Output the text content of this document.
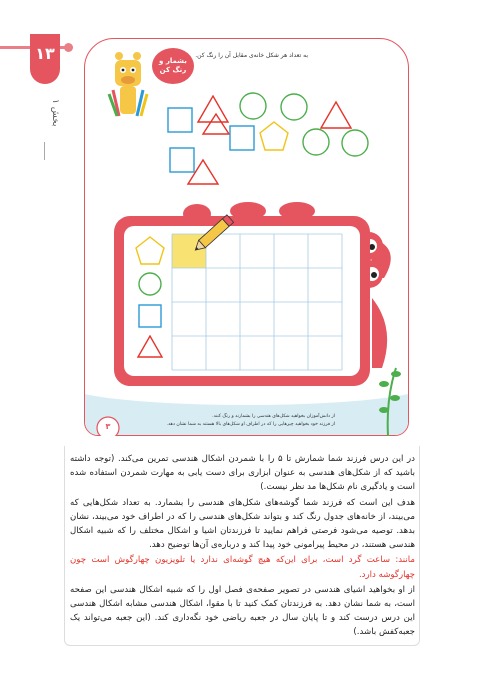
۱۳
بخش ۱
بشمار و رنگ کن
به تعداد هر شکل خانه‌ی مقابل آن را رنگ کن.
۳
از دانش‌آموزان بخواهید شکل‌های هندسی را بشمارند و رنگ کنند.
از فرزند خود بخواهید چیزهایی را که در اطراف او شکل‌های بالا هستند به شما نشان دهد.

در این درس فرزند شما شمارش تا ۵ را با شمردن اشکال هندسی تمرین می‌کند. (توجه داشته باشید که از شکل‌های هندسی به عنوان ابزاری برای دست یابی به مهارت شمردن استفاده شده است و یادگیری نام شکل‌ها مد نظر نیست.)

هدف این است که فرزند شما گوشه‌های شکل‌های هندسی را بشمارد. به تعداد شکل‌هایی که می‌بیند، از خانه‌های جدول رنگ کند و بتواند شکل‌های هندسی را که در اطراف خود می‌بیند، نشان بدهد. توصیه می‌شود فرصتی فراهم نمایید تا فرزندتان اشیا و اشکال مختلف را که شبیه اشکال هندسی هستند، در محیط پیرامونی خود پیدا کند و درباره‌ی آن‌ها توضیح دهد.

مانند: ساعت گرد است، برای این‌که هیچ گوشه‌ای ندارد یا تلویزیون چهارگوش است چون چهارگوشه دارد.

از او بخواهید اشیای هندسی در تصویر صفحه‌ی فصل اول را که شبیه اشکال هندسی این صفحه است، به شما نشان دهد. به فرزندتان کمک کنید تا با مقوا، اشکال هندسی مشابه اشکال هندسی این درس درست کند و تا پایان سال در جعبه ریاضی خود نگه‌داری کند. (این جعبه می‌تواند یک جعبه‌کفش باشد.)
